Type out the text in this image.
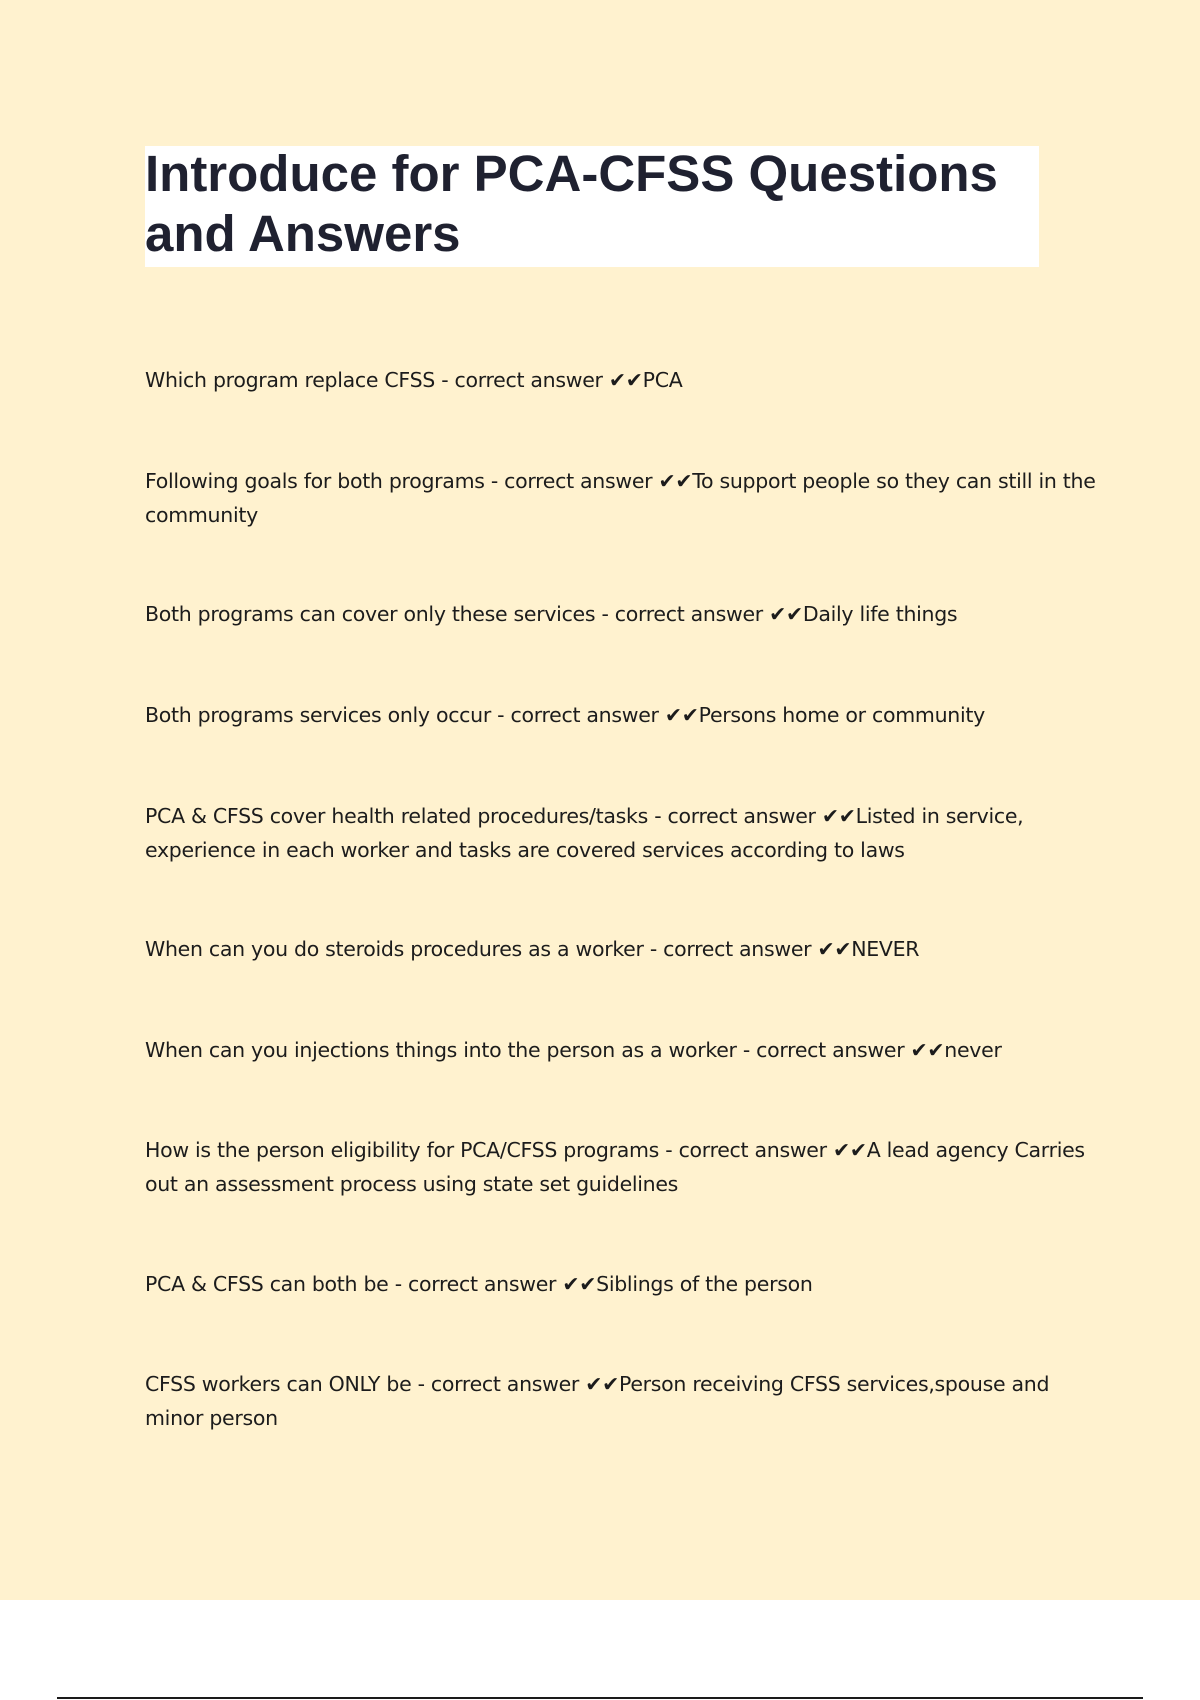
Introduce for PCA-CFSS Questions and Answers

Which program replace CFSS - correct answer ✔✔PCA

Following goals for both programs - correct answer ✔✔To support people so they can still in the community

Both programs can cover only these services - correct answer ✔✔Daily life things

Both programs services only occur - correct answer ✔✔Persons home or community

PCA & CFSS cover health related procedures/tasks - correct answer ✔✔Listed in service, experience in each worker and tasks are covered services according to laws

When can you do steroids procedures as a worker - correct answer ✔✔NEVER

When can you injections things into the person as a worker - correct answer ✔✔never

How is the person eligibility for PCA/CFSS programs - correct answer ✔✔A lead agency Carries out an assessment process using state set guidelines

PCA & CFSS can both be - correct answer ✔✔Siblings of the person

CFSS workers can ONLY be - correct answer ✔✔Person receiving CFSS services,spouse and minor person
